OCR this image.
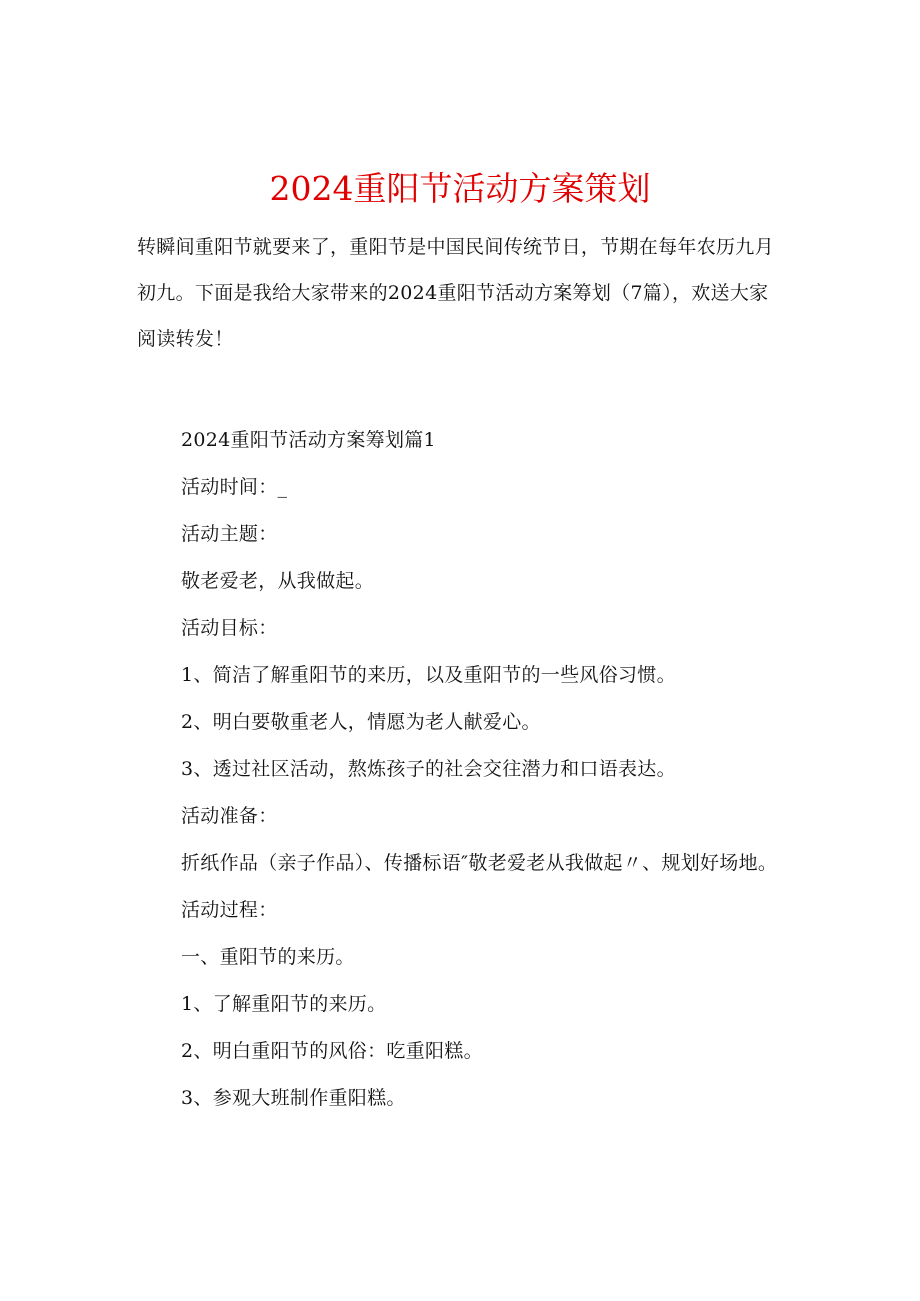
2024重阳节活动方案策划
转瞬间重阳节就要来了，重阳节是中国民间传统节日，节期在每年农历九月初九。下面是我给大家带来的2024重阳节活动方案筹划（7篇），欢送大家阅读转发！

2024重阳节活动方案筹划篇1

活动时间：_

活动主题：

敬老爱老，从我做起。

活动目标：

1、简洁了解重阳节的来历，以及重阳节的一些风俗习惯。

2、明白要敬重老人，情愿为老人献爱心。

3、透过社区活动，熬炼孩子的社会交往潜力和口语表达。

活动准备：

折纸作品（亲子作品）、传播标语″敬老爱老从我做起〃、规划好场地。

活动过程：

一、重阳节的来历。

1、了解重阳节的来历。

2、明白重阳节的风俗：吃重阳糕。

3、参观大班制作重阳糕。
